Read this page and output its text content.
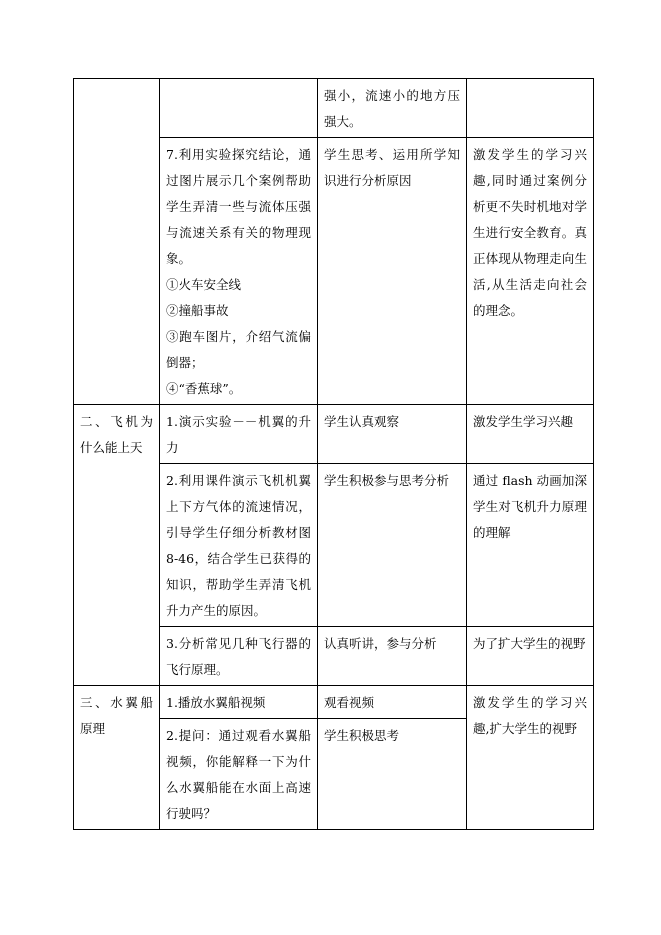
		强小，流速小的地方压强大。	

	7.利用实验探究结论，通过图片展示几个案例帮助学生弄清一些与流体压强与流速关系有关的物理现象。
①火车安全线
②撞船事故
③跑车图片，介绍气流偏倒器；
④“香蕉球”。	学生思考、运用所学知识进行分析原因	激发学生的学习兴趣,同时通过案例分析更不失时机地对学生进行安全教育。真正体现从物理走向生活,从生活走向社会的理念。

二、飞机为什么能上天	1.演示实验－－机翼的升力	学生认真观察	激发学生学习兴趣

	2.利用课件演示飞机机翼上下方气体的流速情况，引导学生仔细分析教材图8-46，结合学生已获得的知识，帮助学生弄清飞机升力产生的原因。	学生积极参与思考分析	通过 flash 动画加深学生对飞机升力原理的理解

	3.分析常见几种飞行器的飞行原理。	认真听讲，参与分析	为了扩大学生的视野

三、水翼船原理	1.播放水翼船视频	观看视频	激发学生的学习兴趣,扩大学生的视野

	2.提问：通过观看水翼船视频，你能解释一下为什么水翼船能在水面上高速行驶吗？	学生积极思考	
